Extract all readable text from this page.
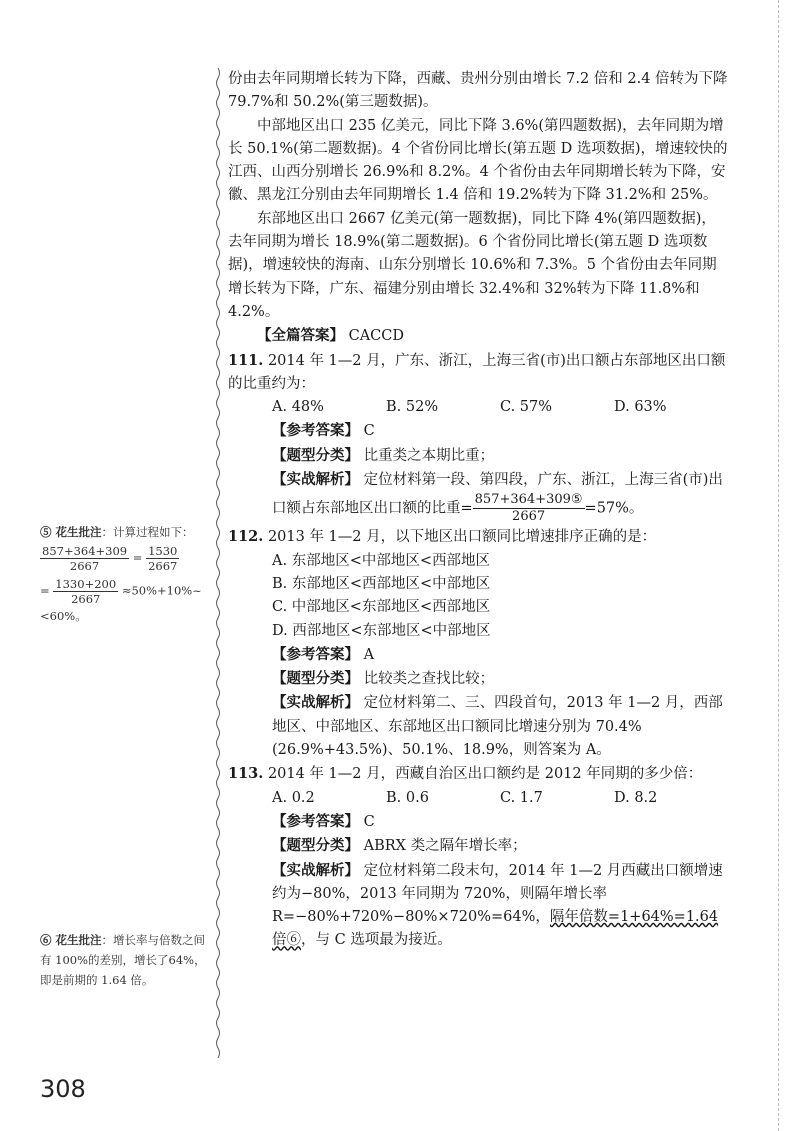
⑤ 花生批注：计算过程如下：
$\frac{857+364+309}{2667} = \frac{1530}{2667}$
= $\frac{1330+200}{2667}$ ≈50%+10%~
<60%。
⑥ 花生批注：增长率与倍数之间有 100%的差别，增长了64%，即是前期的 1.64 倍。

份由去年同期增长转为下降，西藏、贵州分别由增长 7.2 倍和 2.4 倍转为下降 79.7%和 50.2%(第三题数据)。

中部地区出口 235 亿美元，同比下降 3.6%(第四题数据)，去年同期为增长 50.1%(第二题数据)。4 个省份同比增长(第五题 D 选项数据)，增速较快的江西、山西分别增长 26.9%和 8.2%。4 个省份由去年同期增长转为下降，安徽、黑龙江分别由去年同期增长 1.4 倍和 19.2%转为下降 31.2%和 25%。

东部地区出口 2667 亿美元(第一题数据)，同比下降 4%(第四题数据)，去年同期为增长 18.9%(第二题数据)。6 个省份同比增长(第五题 D 选项数据)，增速较快的海南、山东分别增长 10.6%和 7.3%。5 个省份由去年同期增长转为下降，广东、福建分别由增长 32.4%和 32%转为下降 11.8%和 4.2%。

【全篇答案】 CACCD

111. 2014 年 1—2 月，广东、浙江，上海三省(市)出口额占东部地区出口额的比重约为：

A. 48%	B. 52%	C. 57%	D. 63%

【参考答案】 C

【题型分类】 比重类之本期比重；

【实战解析】 定位材料第一段、第四段，广东、浙江，上海三省(市)出口额占东部地区出口额的比重= $\frac{\text{857+364+309⑤}}{2667} =57\%$。

112. 2013 年 1—2 月，以下地区出口额同比增速排序正确的是：

A. 东部地区<中部地区<西部地区
B. 东部地区<西部地区<中部地区
C. 中部地区<东部地区<西部地区
D. 西部地区<东部地区<中部地区

【参考答案】 A

【题型分类】 比较类之查找比较；

【实战解析】 定位材料第二、三、四段首句，2013 年 1—2 月，西部地区、中部地区、东部地区出口额同比增速分别为 70.4%(26.9%+43.5%)、50.1%、18.9%，则答案为 A。

113. 2014 年 1—2 月，西藏自治区出口额约是 2012 年同期的多少倍：

A. 0.2	B. 0.6	C. 1.7	D. 8.2

【参考答案】 C

【题型分类】 ABRX 类之隔年增长率；

【实战解析】 定位材料第二段末句，2014 年 1—2 月西藏出口额增速约为−80%，2013 年同期为 720%，则隔年增长率 R=−80%+720%−80%×720%=64%，隔年倍数=1+64%=1.64 倍⑥，与 C 选项最为接近。

308
